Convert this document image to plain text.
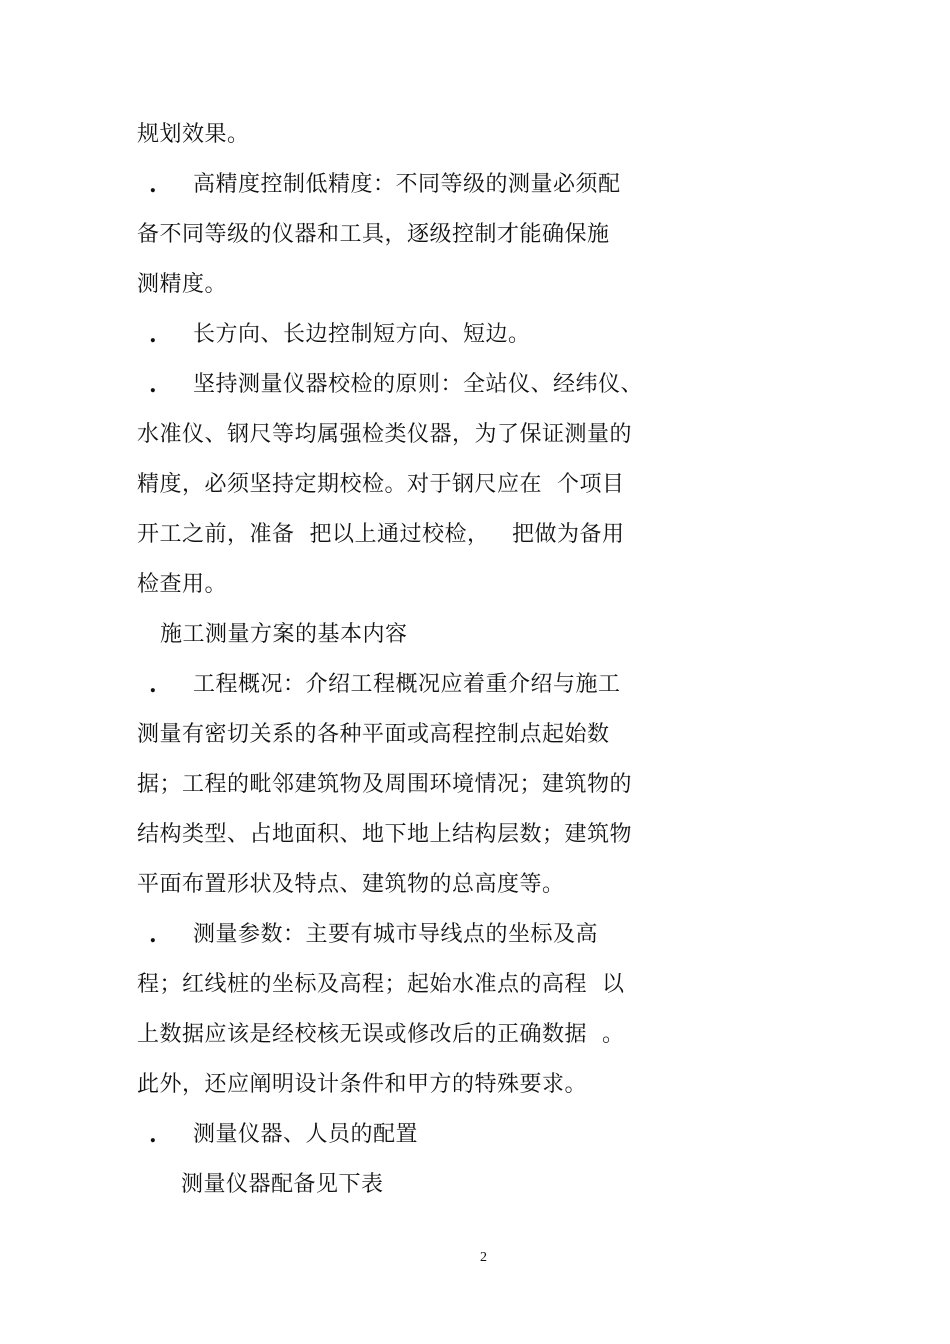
规划效果。
. 高精度控制低精度：不同等级的测量必须配
备不同等级的仪器和工具，逐级控制才能确保施
测精度。
. 长方向、长边控制短方向、短边。
. 坚持测量仪器校检的原则：全站仪、经纬仪、
水准仪、钢尺等均属强检类仪器，为了保证测量的
精度，必须坚持定期校检。对于钢尺应在  个项目
开工之前，准备  把以上通过校检，   把做为备用
检查用。
施工测量方案的基本内容
. 工程概况：介绍工程概况应着重介绍与施工
测量有密切关系的各种平面或高程控制点起始数
据；工程的毗邻建筑物及周围环境情况；建筑物的
结构类型、占地面积、地下地上结构层数；建筑物
平面布置形状及特点、建筑物的总高度等。
. 测量参数：主要有城市导线点的坐标及高
程；红线桩的坐标及高程；起始水准点的高程  以
上数据应该是经校核无误或修改后的正确数据  。
此外，还应阐明设计条件和甲方的特殊要求。
. 测量仪器、人员的配置
测量仪器配备见下表
2
